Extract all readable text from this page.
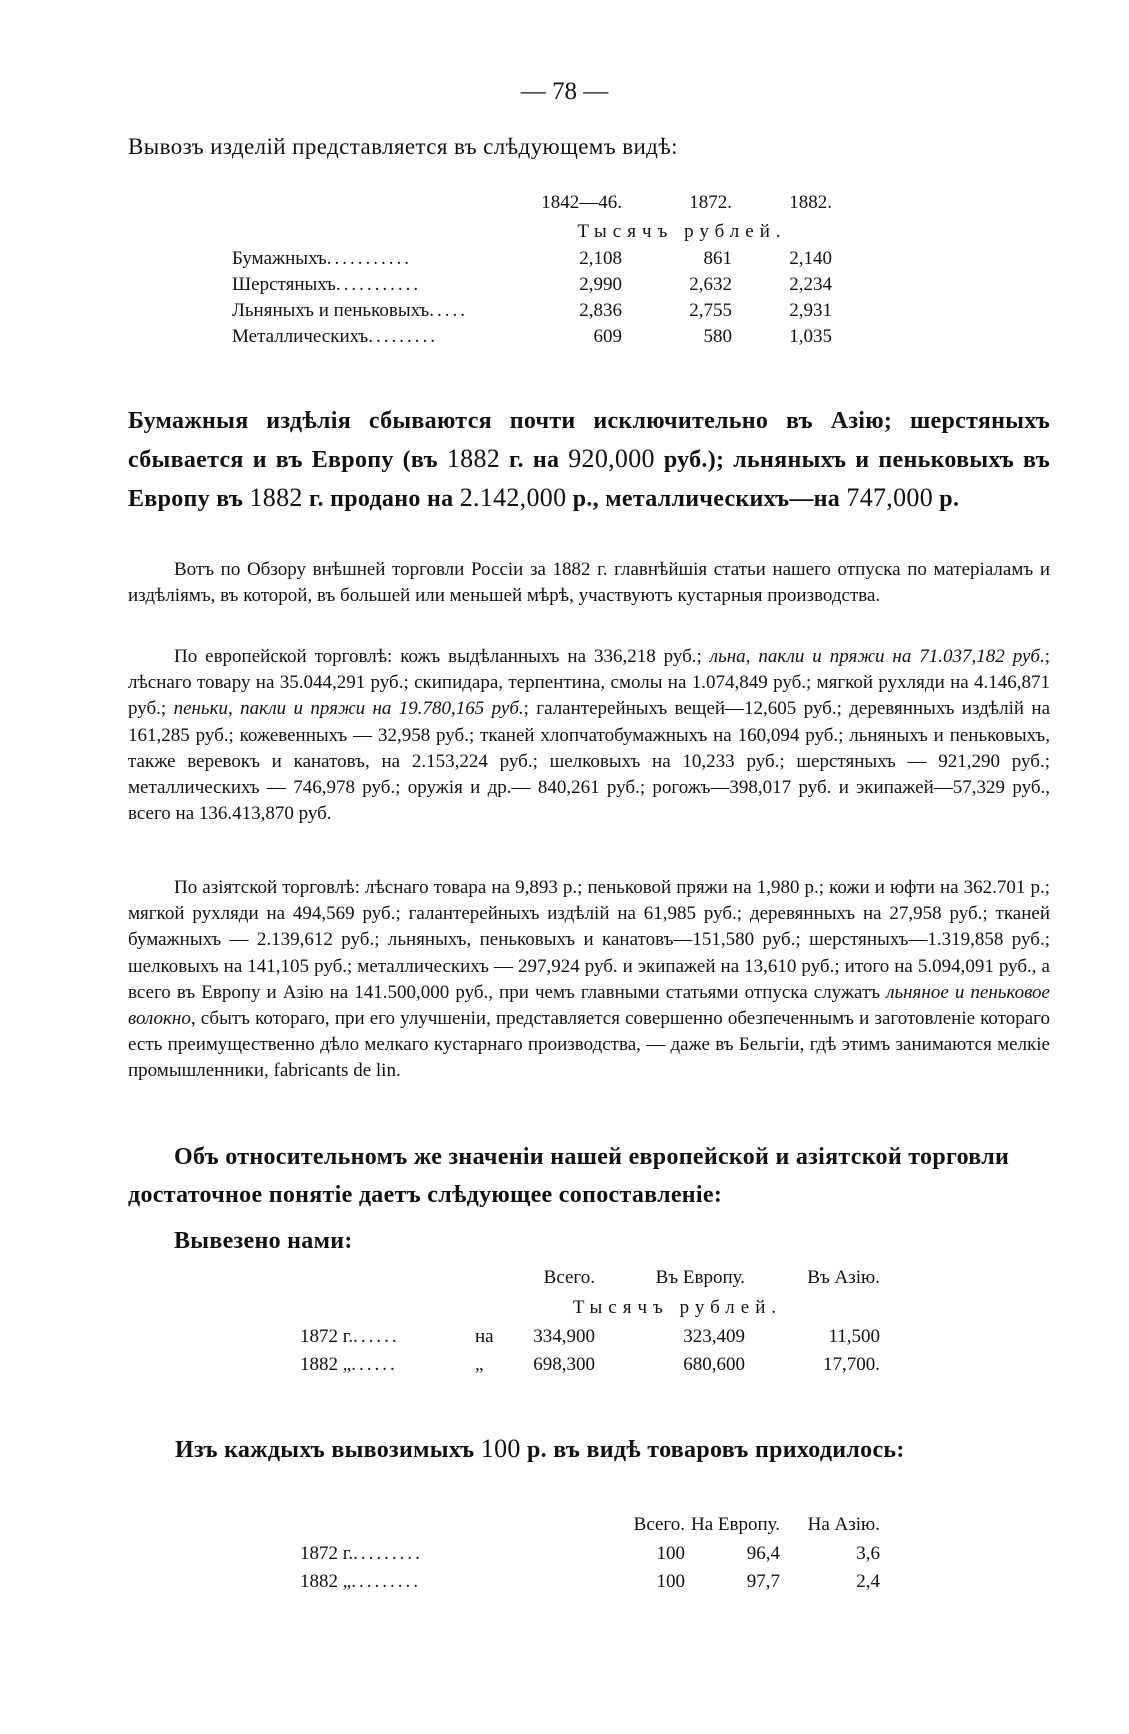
— 78 —

Вывозъ изделій представляется въ слѣдующемъ видѣ:

	1842—46.	1872.	1882.
	Тысячъ рублей.		
Бумажныхъ...........	2,108	861	2,140
Шерстяныхъ...........	2,990	2,632	2,234
Льняныхъ и пеньковыхъ.....	2,836	2,755	2,931
Металлическихъ.........	609	580	1,035

Бумажныя издѣлія сбываются почти исключительно въ Азію; шерстяныхъ сбывается и въ Европу (въ 1882 г. на 920,000 руб.); льняныхъ и пеньковыхъ въ Европу въ 1882 г. продано на 2.142,000 р., металлическихъ—на 747,000 р.

Вотъ по Обзору внѣшней торговли Россіи за 1882 г. главнѣйшія статьи нашего отпуска по матеріаламъ и издѣліямъ, въ которой, въ большей или меньшей мѣрѣ, участвуютъ кустарныя производства.

По европейской торговлѣ: кожъ выдѣланныхъ на 336,218 руб.; льна, пакли и пряжи на 71.037,182 руб.; лѣснаго товару на 35.044,291 руб.; скипидара, терпентина, смолы на 1.074,849 руб.; мягкой рухляди на 4.146,871 руб.; пеньки, пакли и пряжи на 19.780,165 руб.; галантерейныхъ вещей—12,605 руб.; деревянныхъ издѣлій на 161,285 руб.; кожевенныхъ — 32,958 руб.; тканей хлопчатобумажныхъ на 160,094 руб.; льняныхъ и пеньковыхъ, также веревокъ и канатовъ, на 2.153,224 руб.; шелковыхъ на 10,233 руб.; шерстяныхъ — 921,290 руб.; металлическихъ — 746,978 руб.; оружія и др.— 840,261 руб.; рогожъ—398,017 руб. и экипажей—57,329 руб., всего на 136.413,870 руб.

По азіятской торговлѣ: лѣснаго товара на 9,893 р.; пеньковой пряжи на 1,980 р.; кожи и юфти на 362.701 р.; мягкой рухляди на 494,569 руб.; галантерейныхъ издѣлій на 61,985 руб.; деревянныхъ на 27,958 руб.; тканей бумажныхъ — 2.139,612 руб.; льняныхъ, пеньковыхъ и канатовъ—151,580 руб.; шерстяныхъ—1.319,858 руб.; шелковыхъ на 141,105 руб.; металлическихъ — 297,924 руб. и экипажей на 13,610 руб.; итого на 5.094,091 руб., а всего въ Европу и Азію на 141.500,000 руб., при чемъ главными статьями отпуска служатъ льняное и пеньковое волокно, сбытъ котораго, при его улучшеніи, представляется совершенно обезпеченнымъ и заготовленіе котораго есть преимущественно дѣло мелкаго кустарнаго производства, — даже въ Бельгіи, гдѣ этимъ занимаются мелкіе промышленники, fabricants de lin.

Объ относительномъ же значеніи нашей европейской и азіятской торговли достаточное понятіе даетъ слѣдующее сопоставленіе:

Вывезено нами:

		Всего.	Въ Европу.	Въ Азію.
	Тысячъ рублей.			
1872 г.......	на	334,900	323,409	11,500
1882 „......	„	698,300	680,600	17,700.

Изъ каждыхъ вывозимыхъ 100 р. въ видѣ товаровъ приходилось:

	Всего.	На Европу.	На Азію.
1872 г..........	100	96,4	3,6
1882 „.........	100	97,7	2,4
